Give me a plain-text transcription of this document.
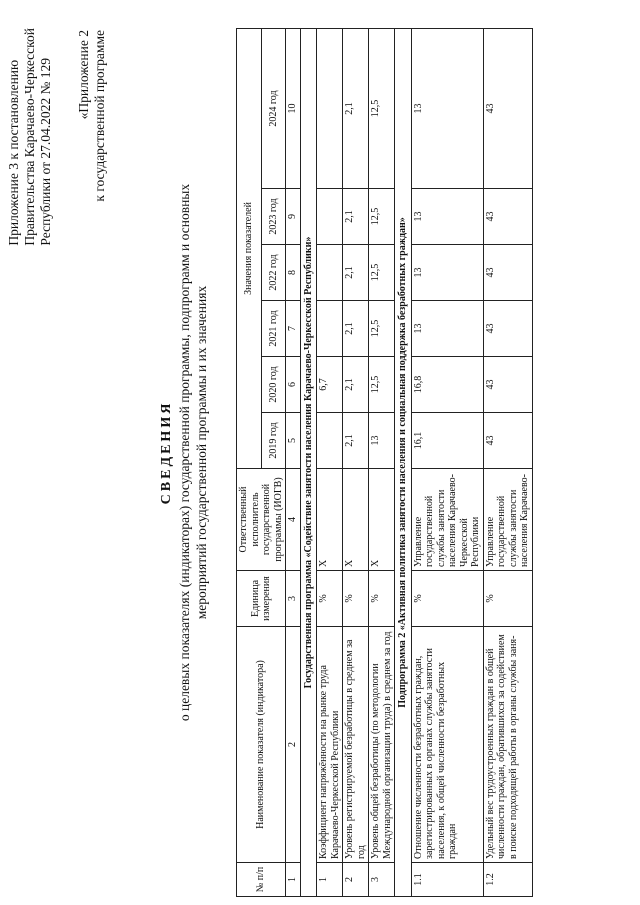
Приложение 3 к постановлению Правительства Карачаево-Черкесской Республики от 27.04.2022 № 129 «Приложение 2 к государственной программе
СВЕДЕНИЯ о целевых показателях (индикаторах) государственной программы, подпрограмм и основных мероприятий государственной программы и их значениях
№ п/п	Наименование показателя (индикатора)	Единица измерения	Ответственный исполнитель государственной программы (ИОГВ)	Значения показателей					
				2019 год	2020 год	2021 год	2022 год	2023 год	2024 год
1	2	3	4	5	6	7	8	9	10
Государственная программа «Содействие занятости населения Карачаево-Черкесской Республики»									
1	Коэффициент напряжённости на рынке труда Карачаево-Черкесской Республики	%	Х		6,7				
2	Уровень регистрируемой безработицы в среднем за год	%	Х	2,1	2,1	2,1	2,1	2,1	2,1
3	Уровень общей безработицы (по методологии Международной организации труда) в среднем за год	%	Х	13	12,5	12,5	12,5	12,5	12,5
Подпрограмма 2 «Активная политика занятости населения и социальная поддержка безработных граждан»									
1.1	Отношение численности безработных граждан, зарегистрированных в органах службы занятости населения, к общей численности безработных граждан	%	Управление государственной службы занятости населения Карачаево-Черкесской Республики	16,1	16,8	13	13	13	13
1.2	Удельный вес трудоустроенных граждан в общей численности граждан, обратившихся за содействием в поиске подходящей работы в органы службы заня-	%	Управление государственной службы занятости населения Карачаево-	43	43	43	43	43	43
